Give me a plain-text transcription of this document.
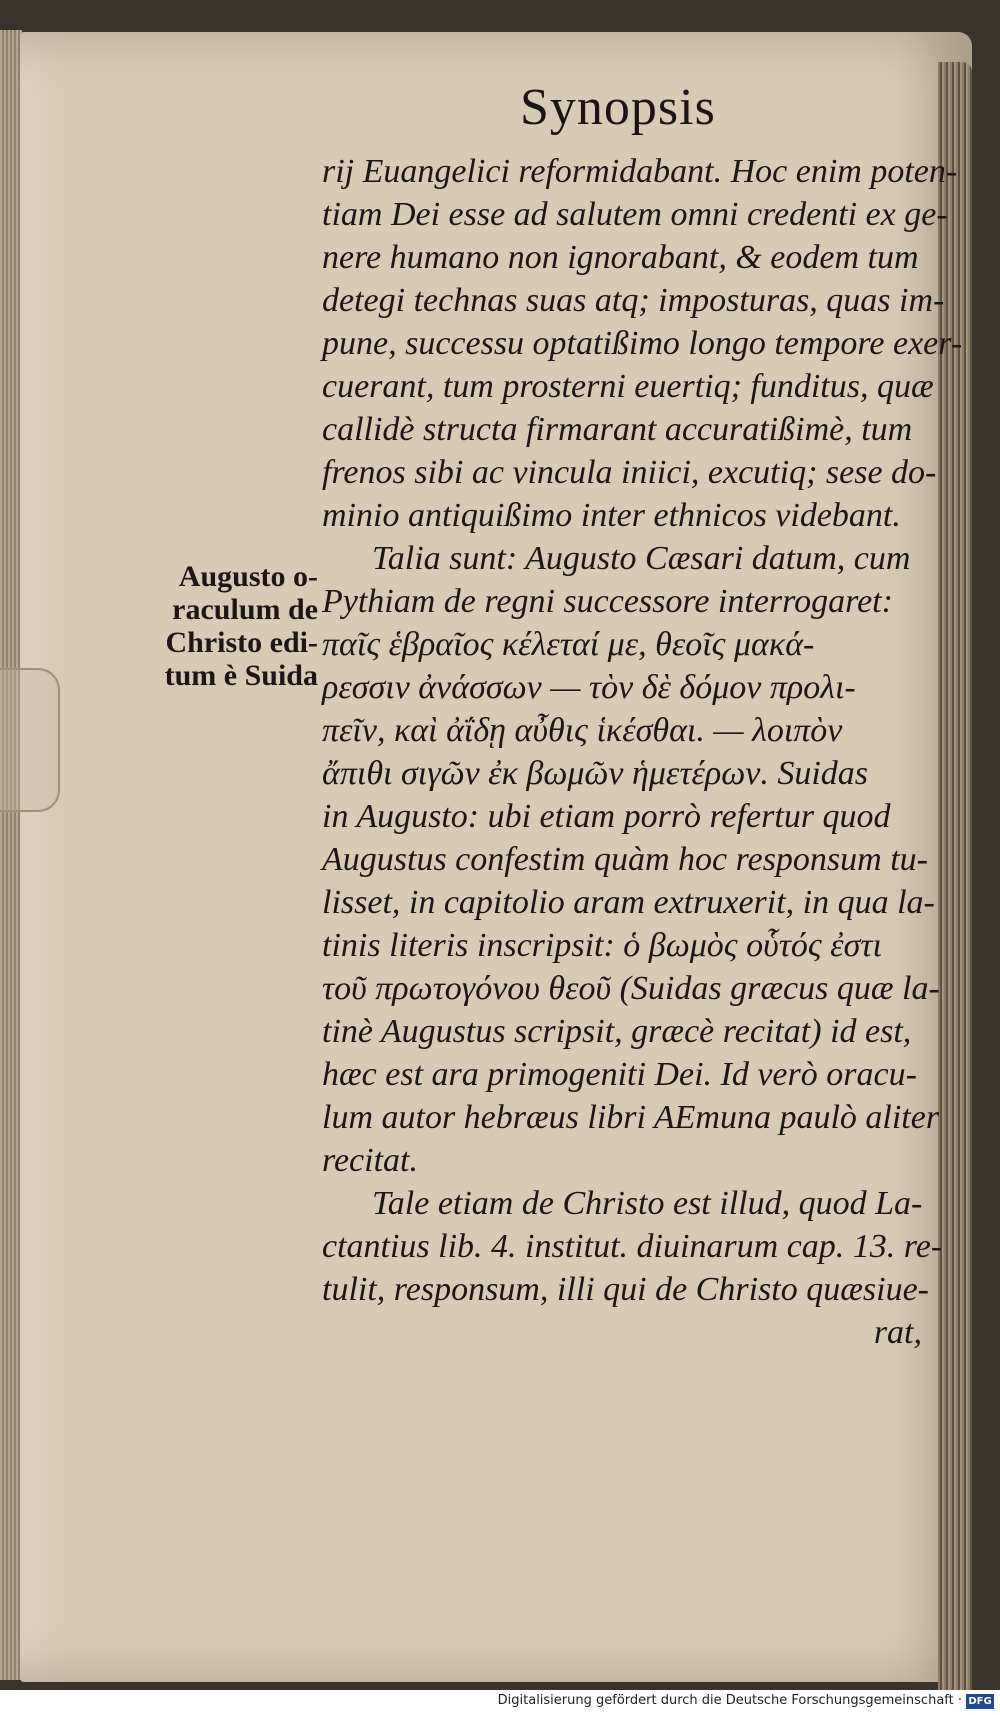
Synopsis
Augusto o-
raculum de
Christo edi-
tum è Suida
rij Euangelici reformidabant. Hoc enim poten-
tiam Dei esse ad salutem omni credenti ex ge-
nere humano non ignorabant, & eodem tum
detegi technas suas atq; imposturas, quas im-
pune, successu optatißimo longo tempore exer-
cuerant, tum prosterni euertiq; funditus, quæ
callidè structa firmarant accuratißimè, tum
frenos sibi ac vincula iniici, excutiq; sese do-
minio antiquißimo inter ethnicos videbant.
Talia sunt: Augusto Cæsari datum, cum
Pythiam de regni successore interrogaret:
παῖς ἑβραῖος κέλεταί με, θεοῖς μακά-
ρεσσιν ἀνάσσων — τὸν δὲ δόμον προλι-
πεῖν, καὶ ἀΐδῃ αὖθις ἱκέσθαι. — λοιπὸν
ἄπιθι σιγῶν ἐκ βωμῶν ἡμετέρων. Suidas
in Augusto: ubi etiam porrò refertur quod
Augustus confestim quàm hoc responsum tu-
lisset, in capitolio aram extruxerit, in qua la-
tinis literis inscripsit: ὁ βωμὸς οὗτός ἐστι
τοῦ πρωτογόνου θεοῦ (Suidas græcus quæ la-
tinè Augustus scripsit, græcè recitat) id est,
hæc est ara primogeniti Dei. Id verò oracu-
lum autor hebræus libri AEmuna paulò aliter
recitat.
Tale etiam de Christo est illud, quod La-
ctantius lib. 4. institut. diuinarum cap. 13. re-
tulit, responsum, illi qui de Christo quæsiue-
rat,
Digitalisierung gefördert durch die Deutsche Forschungsgemeinschaft · DFG
